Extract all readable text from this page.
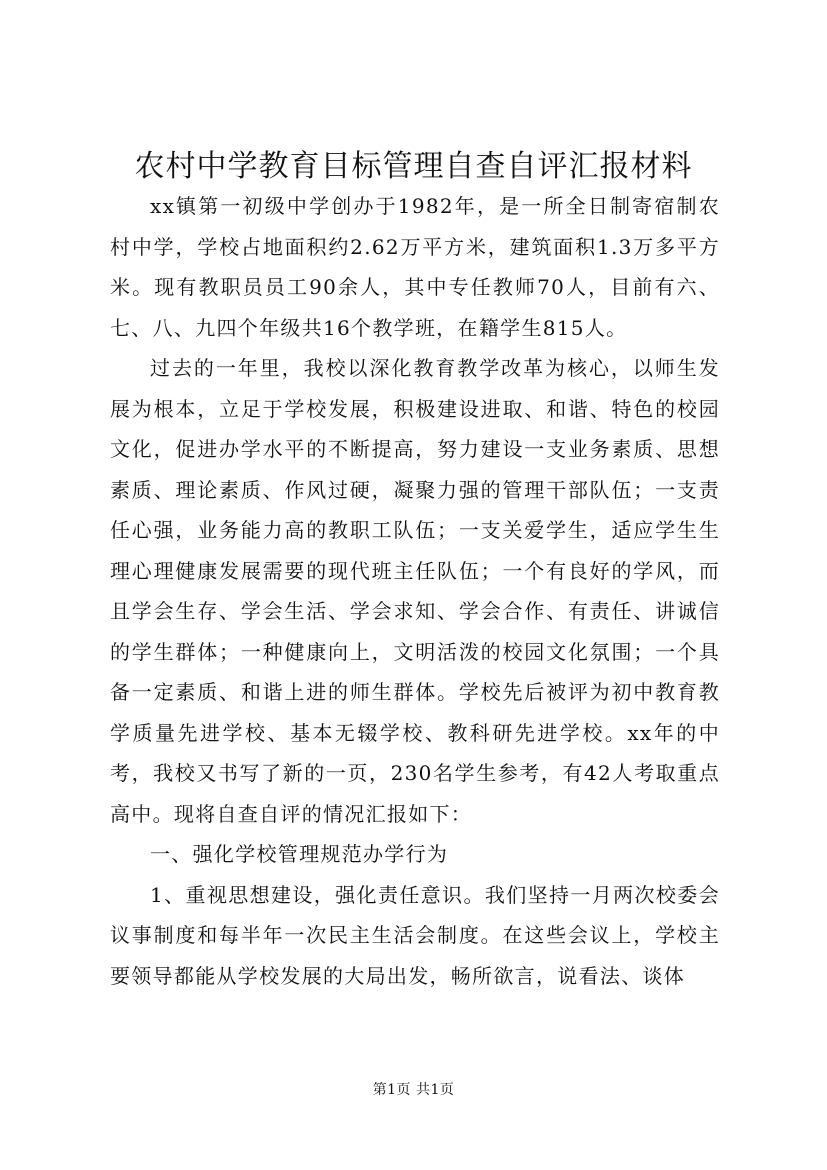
农村中学教育目标管理自查自评汇报材料

xx镇第一初级中学创办于1982年，是一所全日制寄宿制农村中学，学校占地面积约2.62万平方米，建筑面积1.3万多平方米。现有教职员员工90余人，其中专任教师70人，目前有六、七、八、九四个年级共16个教学班，在籍学生815人。

过去的一年里，我校以深化教育教学改革为核心，以师生发展为根本，立足于学校发展，积极建设进取、和谐、特色的校园文化，促进办学水平的不断提高，努力建设一支业务素质、思想素质、理论素质、作风过硬，凝聚力强的管理干部队伍；一支责任心强，业务能力高的教职工队伍；一支关爱学生，适应学生生理心理健康发展需要的现代班主任队伍；一个有良好的学风，而且学会生存、学会生活、学会求知、学会合作、有责任、讲诚信的学生群体；一种健康向上，文明活泼的校园文化氛围；一个具备一定素质、和谐上进的师生群体。学校先后被评为初中教育教学质量先进学校、基本无辍学校、教科研先进学校。xx年的中考，我校又书写了新的一页，230名学生参考，有42人考取重点高中。现将自查自评的情况汇报如下：

一、强化学校管理规范办学行为

1、重视思想建设，强化责任意识。我们坚持一月两次校委会议事制度和每半年一次民主生活会制度。在这些会议上，学校主要领导都能从学校发展的大局出发，畅所欲言，说看法、谈体

第1页 共1页
